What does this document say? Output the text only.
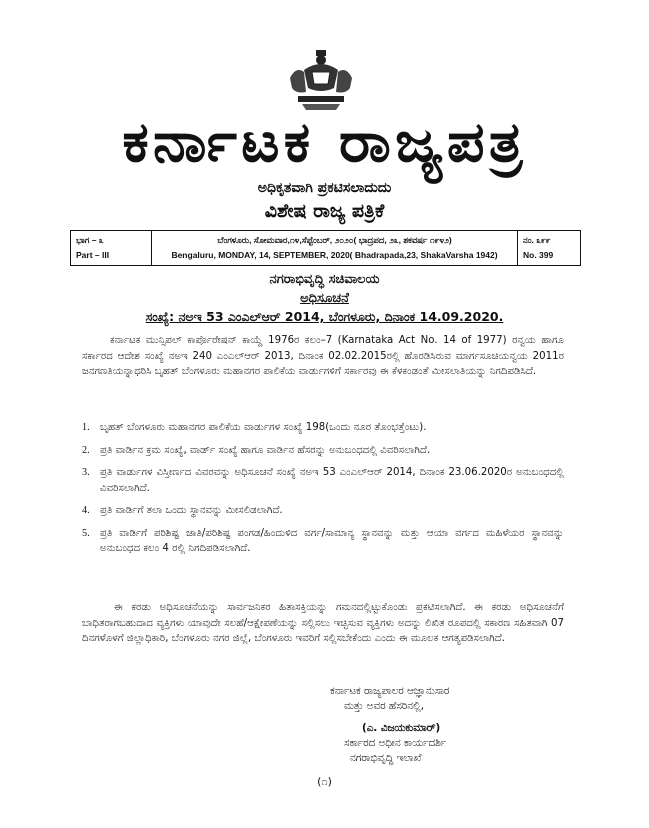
ಕರ್ನಾಟಕ ರಾಜ್ಯಪತ್ರ
ಅಧಿಕೃತವಾಗಿ ಪ್ರಕಟಿಸಲಾದುದು
ವಿಶೇಷ ರಾಜ್ಯ ಪತ್ರಿಕೆ
ಭಾಗ – ೩
Part – III
ಬೆಂಗಳೂರು, ಸೋಮವಾರ,೧೪,ಸೆಪ್ಟೆಂಬರ್, ೨೦೨೦( ಭಾದ್ರಪದ, ೨೩, ಶಕವರ್ಷ ೧೯೪೨)
Bengaluru, MONDAY, 14, SEPTEMBER, 2020( Bhadrapada,23, ShakaVarsha 1942)
ನಂ. ೩೯೯
No. 399
ನಗರಾಭಿವೃದ್ಧಿ ಸಚಿವಾಲಯ
ಅಧಿಸೂಚನೆ
ಸಂಖ್ಯೆ: ನಅಇ 53 ಎಂಎಲ್ಆರ್ 2014, ಬೆಂಗಳೂರು, ದಿನಾಂಕ 14.09.2020.
ಕರ್ನಾಟಕ ಮುನ್ಸಿಪಲ್ ಕಾರ್ಪೊರೇಷನ್ ಕಾಯ್ದೆ 1976ರ ಕಲಂ–7 (Karnataka Act No. 14 of 1977) ರನ್ವಯ ಹಾಗೂ ಸರ್ಕಾರದ ಆದೇಶ ಸಂಖ್ಯೆ ನಅಇ 240 ಎಂಎಲ್ಆರ್ 2013, ದಿನಾಂಕ 02.02.2015ರಲ್ಲಿ ಹೊರಡಿಸಿರುವ ಮಾರ್ಗಸೂಚಿಯನ್ವಯ 2011ರ ಜನಗಣತಿಯನ್ನಾಧರಿಸಿ ಬೃಹತ್ ಬೆಂಗಳೂರು ಮಹಾನಗರ ಪಾಲಿಕೆಯ ವಾರ್ಡುಗಳಿಗೆ ಸರ್ಕಾರವು ಈ ಕೆಳಕಂಡಂತೆ ಮೀಸಲಾತಿಯನ್ನು ನಿಗದಿಪಡಿಸಿದೆ.
1. ಬೃಹತ್ ಬೆಂಗಳೂರು ಮಹಾನಗರ ಪಾಲಿಕೆಯ ವಾರ್ಡುಗಳ ಸಂಖ್ಯೆ 198(ಒಂದು ನೂರ ತೊಂಭತ್ತೆಂಟು).
2. ಪ್ರತಿ ವಾರ್ಡಿನ ಕ್ರಮ ಸಂಖ್ಯೆ, ವಾರ್ಡ್ ಸಂಖ್ಯೆ ಹಾಗೂ ವಾರ್ಡಿನ ಹೆಸರನ್ನು ಅನುಬಂಧದಲ್ಲಿ ವಿವರಿಸಲಾಗಿದೆ.
3. ಪ್ರತಿ ವಾರ್ಡುಗಳ ವಿಸ್ತೀರ್ಣದ ವಿವರವನ್ನು ಅಧಿಸೂಚನೆ ಸಂಖ್ಯೆ ನಅಇ 53 ಎಂಎಲ್ಆರ್ 2014, ದಿನಾಂಕ 23.06.2020ರ ಅನುಬಂಧದಲ್ಲಿ ವಿವರಿಸಲಾಗಿದೆ.
4. ಪ್ರತಿ ವಾರ್ಡಿಗೆ ತಲಾ ಒಂದು ಸ್ಥಾನವನ್ನು ಮೀಸಲಿಡಲಾಗಿದೆ.
5. ಪ್ರತಿ ವಾರ್ಡಿಗೆ ಪರಿಶಿಷ್ಟ ಜಾತಿ/ಪರಿಶಿಷ್ಟ ಪಂಗಡ/ಹಿಂದುಳಿದ ವರ್ಗ/ಸಾಮಾನ್ಯ ಸ್ಥಾನವನ್ನು ಮತ್ತು ಆಯಾ ವರ್ಗದ ಮಹಿಳೆಯರ ಸ್ಥಾನವನ್ನು ಅನುಬಂಧದ ಕಲಂ 4 ರಲ್ಲಿ ನಿಗದಿಪಡಿಸಲಾಗಿದೆ.
ಈ ಕರಡು ಅಧಿಸೂಚನೆಯನ್ನು ಸಾರ್ವಜನಿಕರ ಹಿತಾಸಕ್ತಿಯನ್ನು ಗಮನದಲ್ಲಿಟ್ಟುಕೊಂಡು ಪ್ರಕಟಿಸಲಾಗಿದೆ. ಈ ಕರಡು ಅಧಿಸೂಚನೆಗೆ ಬಾಧಿತರಾಗಬಹುದಾದ ವ್ಯಕ್ತಿಗಳು ಯಾವುದೇ ಸಲಹೆ/ಆಕ್ಷೇಪಣೆಯನ್ನು ಸಲ್ಲಿಸಲು ಇಚ್ಛಿಸುವ ವ್ಯಕ್ತಿಗಳು ಅದನ್ನು ಲಿಖಿತ ರೂಪದಲ್ಲಿ ಸಕಾರಣ ಸಹಿತವಾಗಿ 07 ದಿನಗಳೊಳಗೆ ಜಿಲ್ಲಾಧಿಕಾರಿ, ಬೆಂಗಳೂರು ನಗರ ಜಿಲ್ಲೆ, ಬೆಂಗಳೂರು ಇವರಿಗೆ ಸಲ್ಲಿಸಬೇಕೆಂದು ಎಂದು ಈ ಮೂಲಕ ಆಗತ್ಯಪಡಿಸಲಾಗಿದೆ.
ಕರ್ನಾಟಕ ರಾಜ್ಯಪಾಲರ ಆಜ್ಞಾನುಸಾರ
ಮತ್ತು ಅವರ ಹೆಸರಿನಲ್ಲಿ,
(ಎ. ವಿಜಯಕುಮಾರ್)
ಸರ್ಕಾರದ ಅಧೀನ ಕಾರ್ಯದರ್ಶಿ
ನಗರಾಭಿವೃದ್ಧಿ ಇಲಾಖೆ
(೧)
